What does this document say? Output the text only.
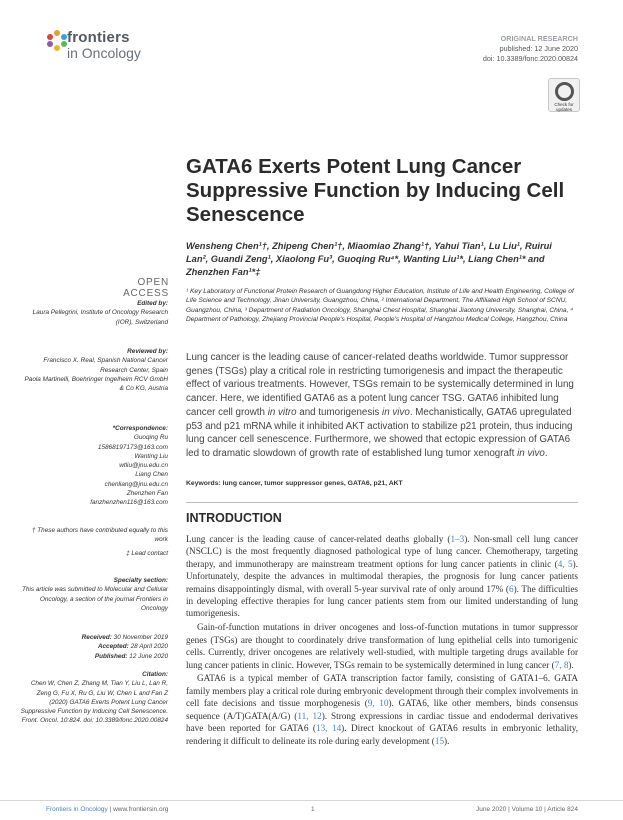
frontiers
in Oncology
ORIGINAL RESEARCH
published: 12 June 2020
doi: 10.3389/fonc.2020.00824
Check for updates
GATA6 Exerts Potent Lung Cancer Suppressive Function by Inducing Cell Senescence
Wensheng Chen¹†, Zhipeng Chen¹†, Miaomiao Zhang¹†, Yahui Tian¹, Lu Liu¹, Ruirui Lan², Guandi Zeng¹, Xiaolong Fu³, Guoqing Ru⁴*, Wanting Liu¹*, Liang Chen¹* and Zhenzhen Fan¹*‡
¹ Key Laboratory of Functional Protein Research of Guangdong Higher Education, Institute of Life and Health Engineering, College of Life Science and Technology, Jinan University, Guangzhou, China, ² International Department, The Affiliated High School of SCNU, Guangzhou, China, ³ Department of Radiation Oncology, Shanghai Chest Hospital, Shanghai Jiaotong University, Shanghai, China, ⁴ Department of Pathology, Zhejiang Provincial People's Hospital, People's Hospital of Hangzhou Medical College, Hangzhou, China
OPEN ACCESS
Edited by:
Laura Pellegrini, Institute of Oncology Research (IOR), Switzerland
Reviewed by:
Francisco X. Real, Spanish National Cancer Research Center, Spain
Paola Martinelli, Boehringer Ingelheim RCV GmbH & Co KG, Austria
*Correspondence:
Guoqing Ru
15868197173@163.com
Wanting Liu
wtliu@jnu.edu.cn
Liang Chen
chenliang@jnu.edu.cn
Zhenzhen Fan
fanzhenzhen116@163.com
† These authors have contributed equally to this work
‡ Lead contact
Specialty section:
This article was submitted to Molecular and Cellular Oncology, a section of the journal Frontiers in Oncology
Received: 30 November 2019
Accepted: 28 April 2020
Published: 12 June 2020
Citation:
Chen W, Chen Z, Zhang M, Tian Y, Liu L, Lan R, Zeng G, Fu X, Ru G, Liu W, Chen L and Fan Z (2020) GATA6 Exerts Potent Lung Cancer Suppressive Function by Inducing Cell Senescence. Front. Oncol. 10:824. doi: 10.3389/fonc.2020.00824
Lung cancer is the leading cause of cancer-related deaths worldwide. Tumor suppressor genes (TSGs) play a critical role in restricting tumorigenesis and impact the therapeutic effect of various treatments. However, TSGs remain to be systemically determined in lung cancer. Here, we identified GATA6 as a potent lung cancer TSG. GATA6 inhibited lung cancer cell growth in vitro and tumorigenesis in vivo. Mechanistically, GATA6 upregulated p53 and p21 mRNA while it inhibited AKT activation to stabilize p21 protein, thus inducing lung cancer cell senescence. Furthermore, we showed that ectopic expression of GATA6 led to dramatic slowdown of growth rate of established lung tumor xenograft in vivo.
Keywords: lung cancer, tumor suppressor genes, GATA6, p21, AKT
INTRODUCTION

Lung cancer is the leading cause of cancer-related deaths globally (1–3). Non-small cell lung cancer (NSCLC) is the most frequently diagnosed pathological type of lung cancer. Chemotherapy, targeting therapy, and immunotherapy are mainstream treatment options for lung cancer patients in clinic (4, 5). Unfortunately, despite the advances in multimodal therapies, the prognosis for lung cancer patients remains disappointingly dismal, with overall 5-year survival rate of only around 17% (6). The difficulties in developing effective therapies for lung cancer patients stem from our limited understanding of lung tumorigenesis.

Gain-of-function mutations in driver oncogenes and loss-of-function mutations in tumor suppressor genes (TSGs) are thought to coordinately drive transformation of lung epithelial cells into tumorigenic cells. Currently, driver oncogenes are relatively well-studied, with multiple targeting drugs available for lung cancer patients in clinic. However, TSGs remain to be systemically determined in lung cancer (7, 8).

GATA6 is a typical member of GATA transcription factor family, consisting of GATA1–6. GATA family members play a critical role during embryonic development through their complex involvements in cell fate decisions and tissue morphogenesis (9, 10). GATA6, like other members, binds consensus sequence (A/T)GATA(A/G) (11, 12). Strong expressions in cardiac tissue and endodermal derivatives have been reported for GATA6 (13, 14). Direct knockout of GATA6 results in embryonic lethality, rendering it difficult to delineate its role during early development (15).

Frontiers in Oncology | www.frontiersin.org	1	June 2020 | Volume 10 | Article 824
